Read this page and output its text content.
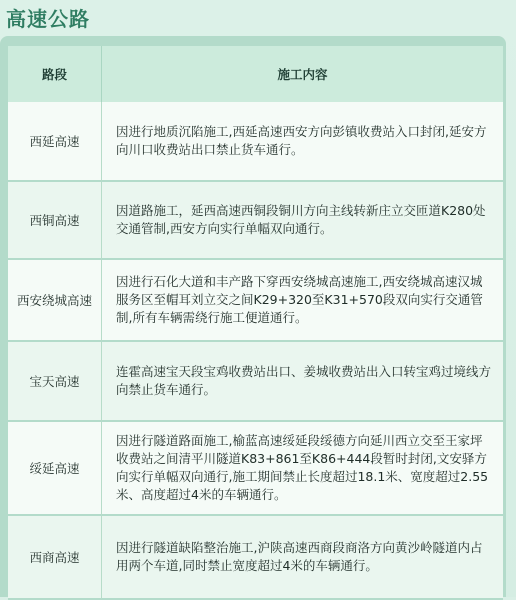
高速公路
路段	施工内容
西延高速	因进行地质沉陷施工,西延高速西安方向彭镇收费站入口封闭,延安方向川口收费站出口禁止货车通行。
西铜高速	因道路施工，延西高速西铜段铜川方向主线转新庄立交匝道K280处交通管制,西安方向实行单幅双向通行。
西安绕城高速	因进行石化大道和丰产路下穿西安绕城高速施工,西安绕城高速汉城服务区至帽耳刘立交之间K29+320至K31+570段双向实行交通管制,所有车辆需绕行施工便道通行。
宝天高速	连霍高速宝天段宝鸡收费站出口、姜城收费站出入口转宝鸡过境线方向禁止货车通行。
绥延高速	因进行隧道路面施工,榆蓝高速绥延段绥德方向延川西立交至王家坪收费站之间清平川隧道K83+861至K86+444段暂时封闭,文安驿方向实行单幅双向通行,施工期间禁止长度超过18.1米、宽度超过2.55米、高度超过4米的车辆通行。
西商高速	因进行隧道缺陷整治施工,沪陕高速西商段商洛方向黄沙岭隧道内占用两个车道,同时禁止宽度超过4米的车辆通行。
